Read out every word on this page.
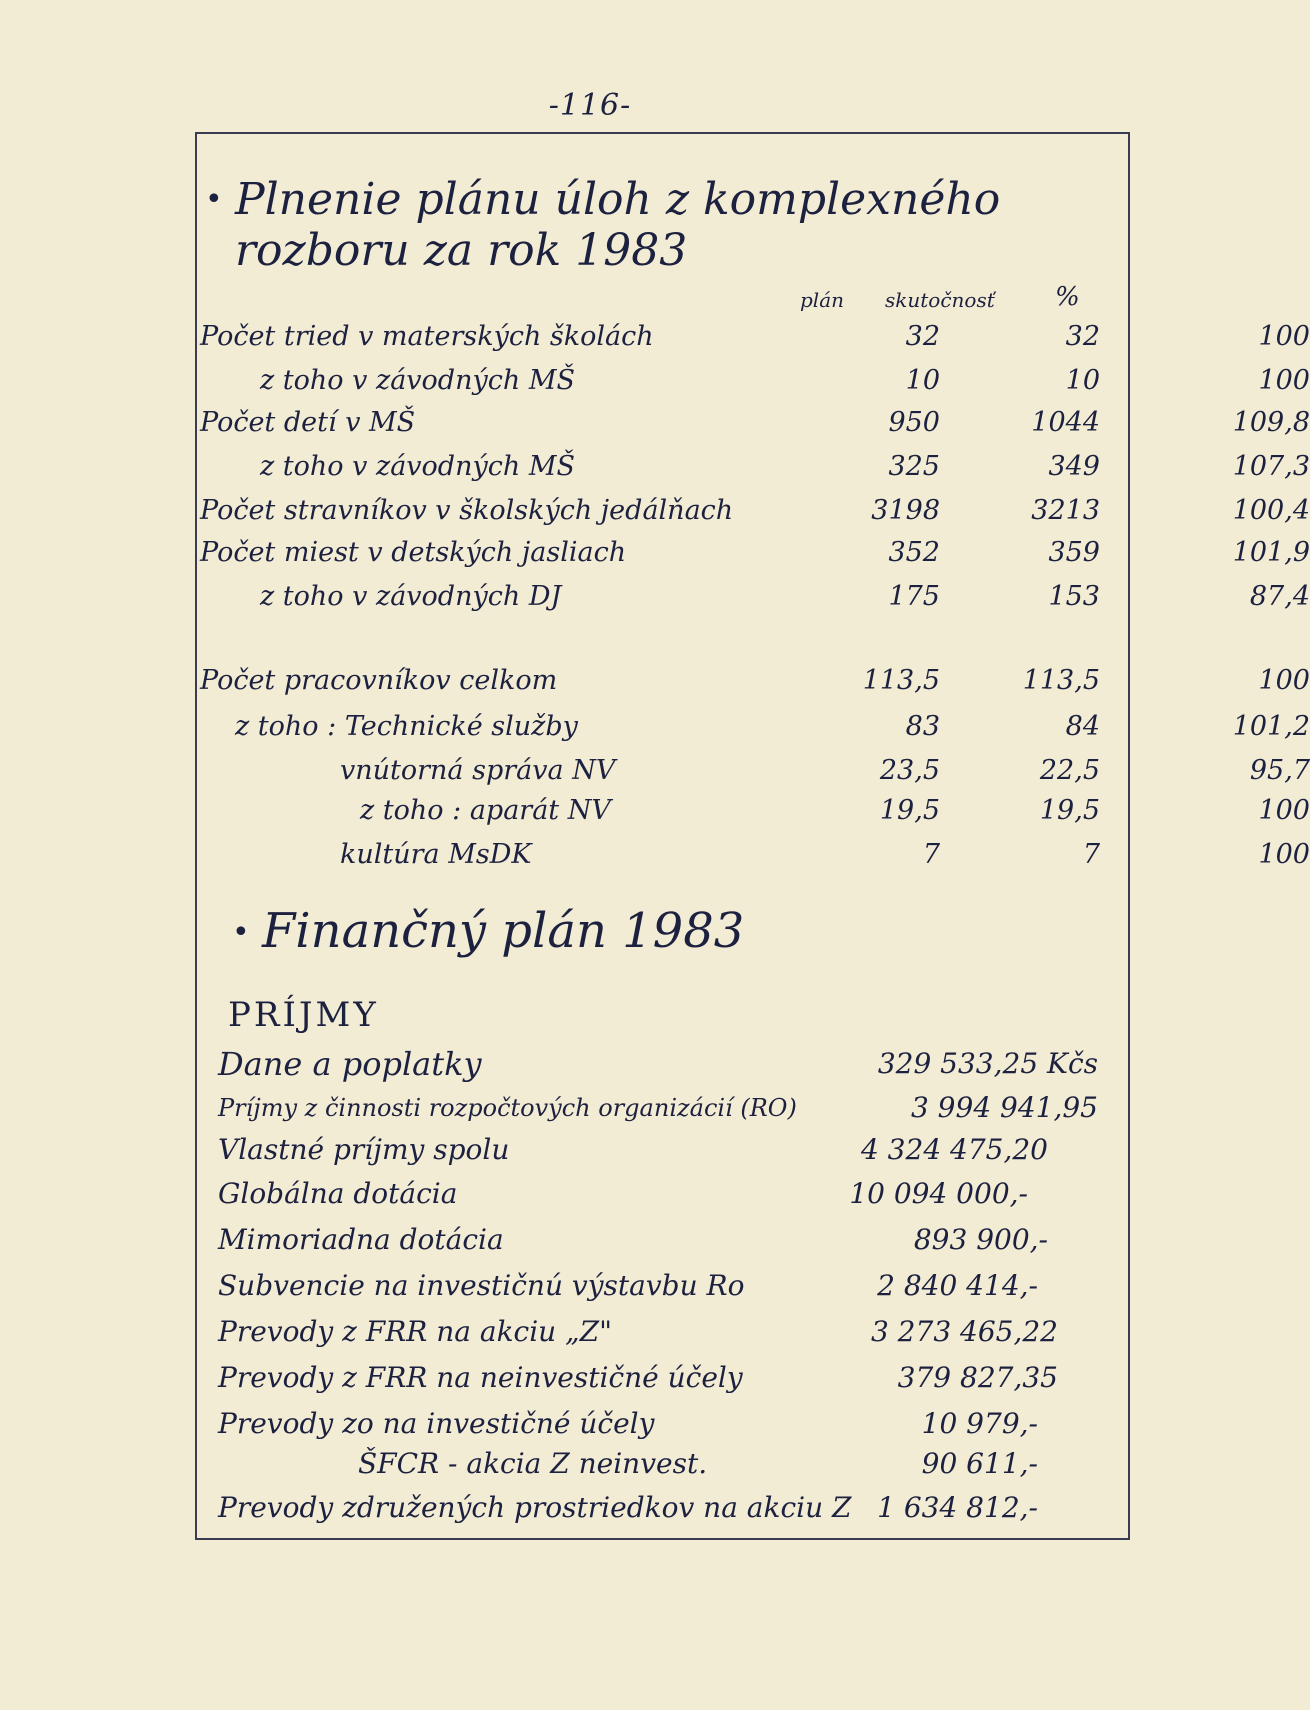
-116-
• Plnenie plánu úloh z komplexného rozboru za rok 1983
plán skutočnosť %
Počet tried v materských školách	32	32	100
z toho v závodných MŠ	10	10	100
Počet detí v MŠ	950	1044	109,8
z toho v závodných MŠ	325	349	107,3
Počet stravníkov v školských jedálňach	3198	3213	100,4
Počet miest v detských jasliach	352	359	101,9
z toho v závodných DJ	175	153	87,4
Počet pracovníkov celkom	113,5	113,5	100
z toho : Technické služby	83	84	101,2
vnútorná správa NV	23,5	22,5	95,7
z toho : aparát NV	19,5	19,5	100
kultúra MsDK	7	7	100
• Finančný plán 1983
PRÍJMY
Dane a poplatky	329 533,25 Kčs
Príjmy z činnosti rozpočtových organizácií (RO)	3 994 941,95
Vlastné príjmy spolu	4 324 475,20
Globálna dotácia	10 094 000,-
Mimoriadna dotácia	893 900,-
Subvencie na investičnú výstavbu Ro	2 840 414,-
Prevody z FRR na akciu „Z"	3 273 465,22
Prevody z FRR na neinvestičné účely	379 827,35
Prevody zo na investičné účely	10 979,-
ŠFCR - akcia Z neinvest.	90 611,-
Prevody združených prostriedkov na akciu Z 1 634 812,-
